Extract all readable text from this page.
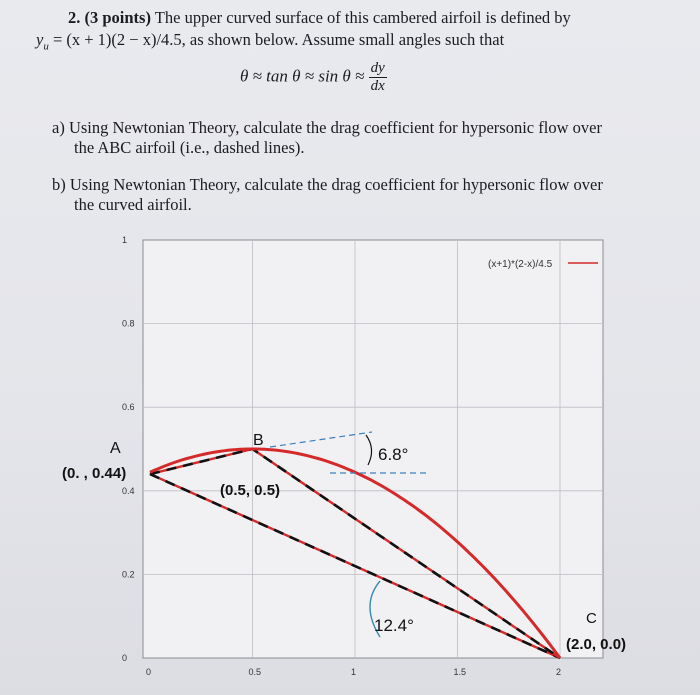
2. (3 points) The upper curved surface of this cambered airfoil is defined by
$y_u = (x + 1)(2 - x)/4.5$, as shown below. Assume small angles such that
$\theta \approx \tan \theta \approx \sin \theta \approx \frac{dy}{dx}$
a) Using Newtonian Theory, calculate the drag coefficient for hypersonic flow over
the ABC airfoil (i.e., dashed lines).
b) Using Newtonian Theory, calculate the drag coefficient for hypersonic flow over
the curved airfoil.
0	0.5	1	1.5	2
0
0.2
0.4
0.6
0.8
1
(x+1)*(2-x)/4.5
A
(0. , 0.44)
B
(0.5, 0.5)
C
(2.0, 0.0)
6.8°
12.4°
